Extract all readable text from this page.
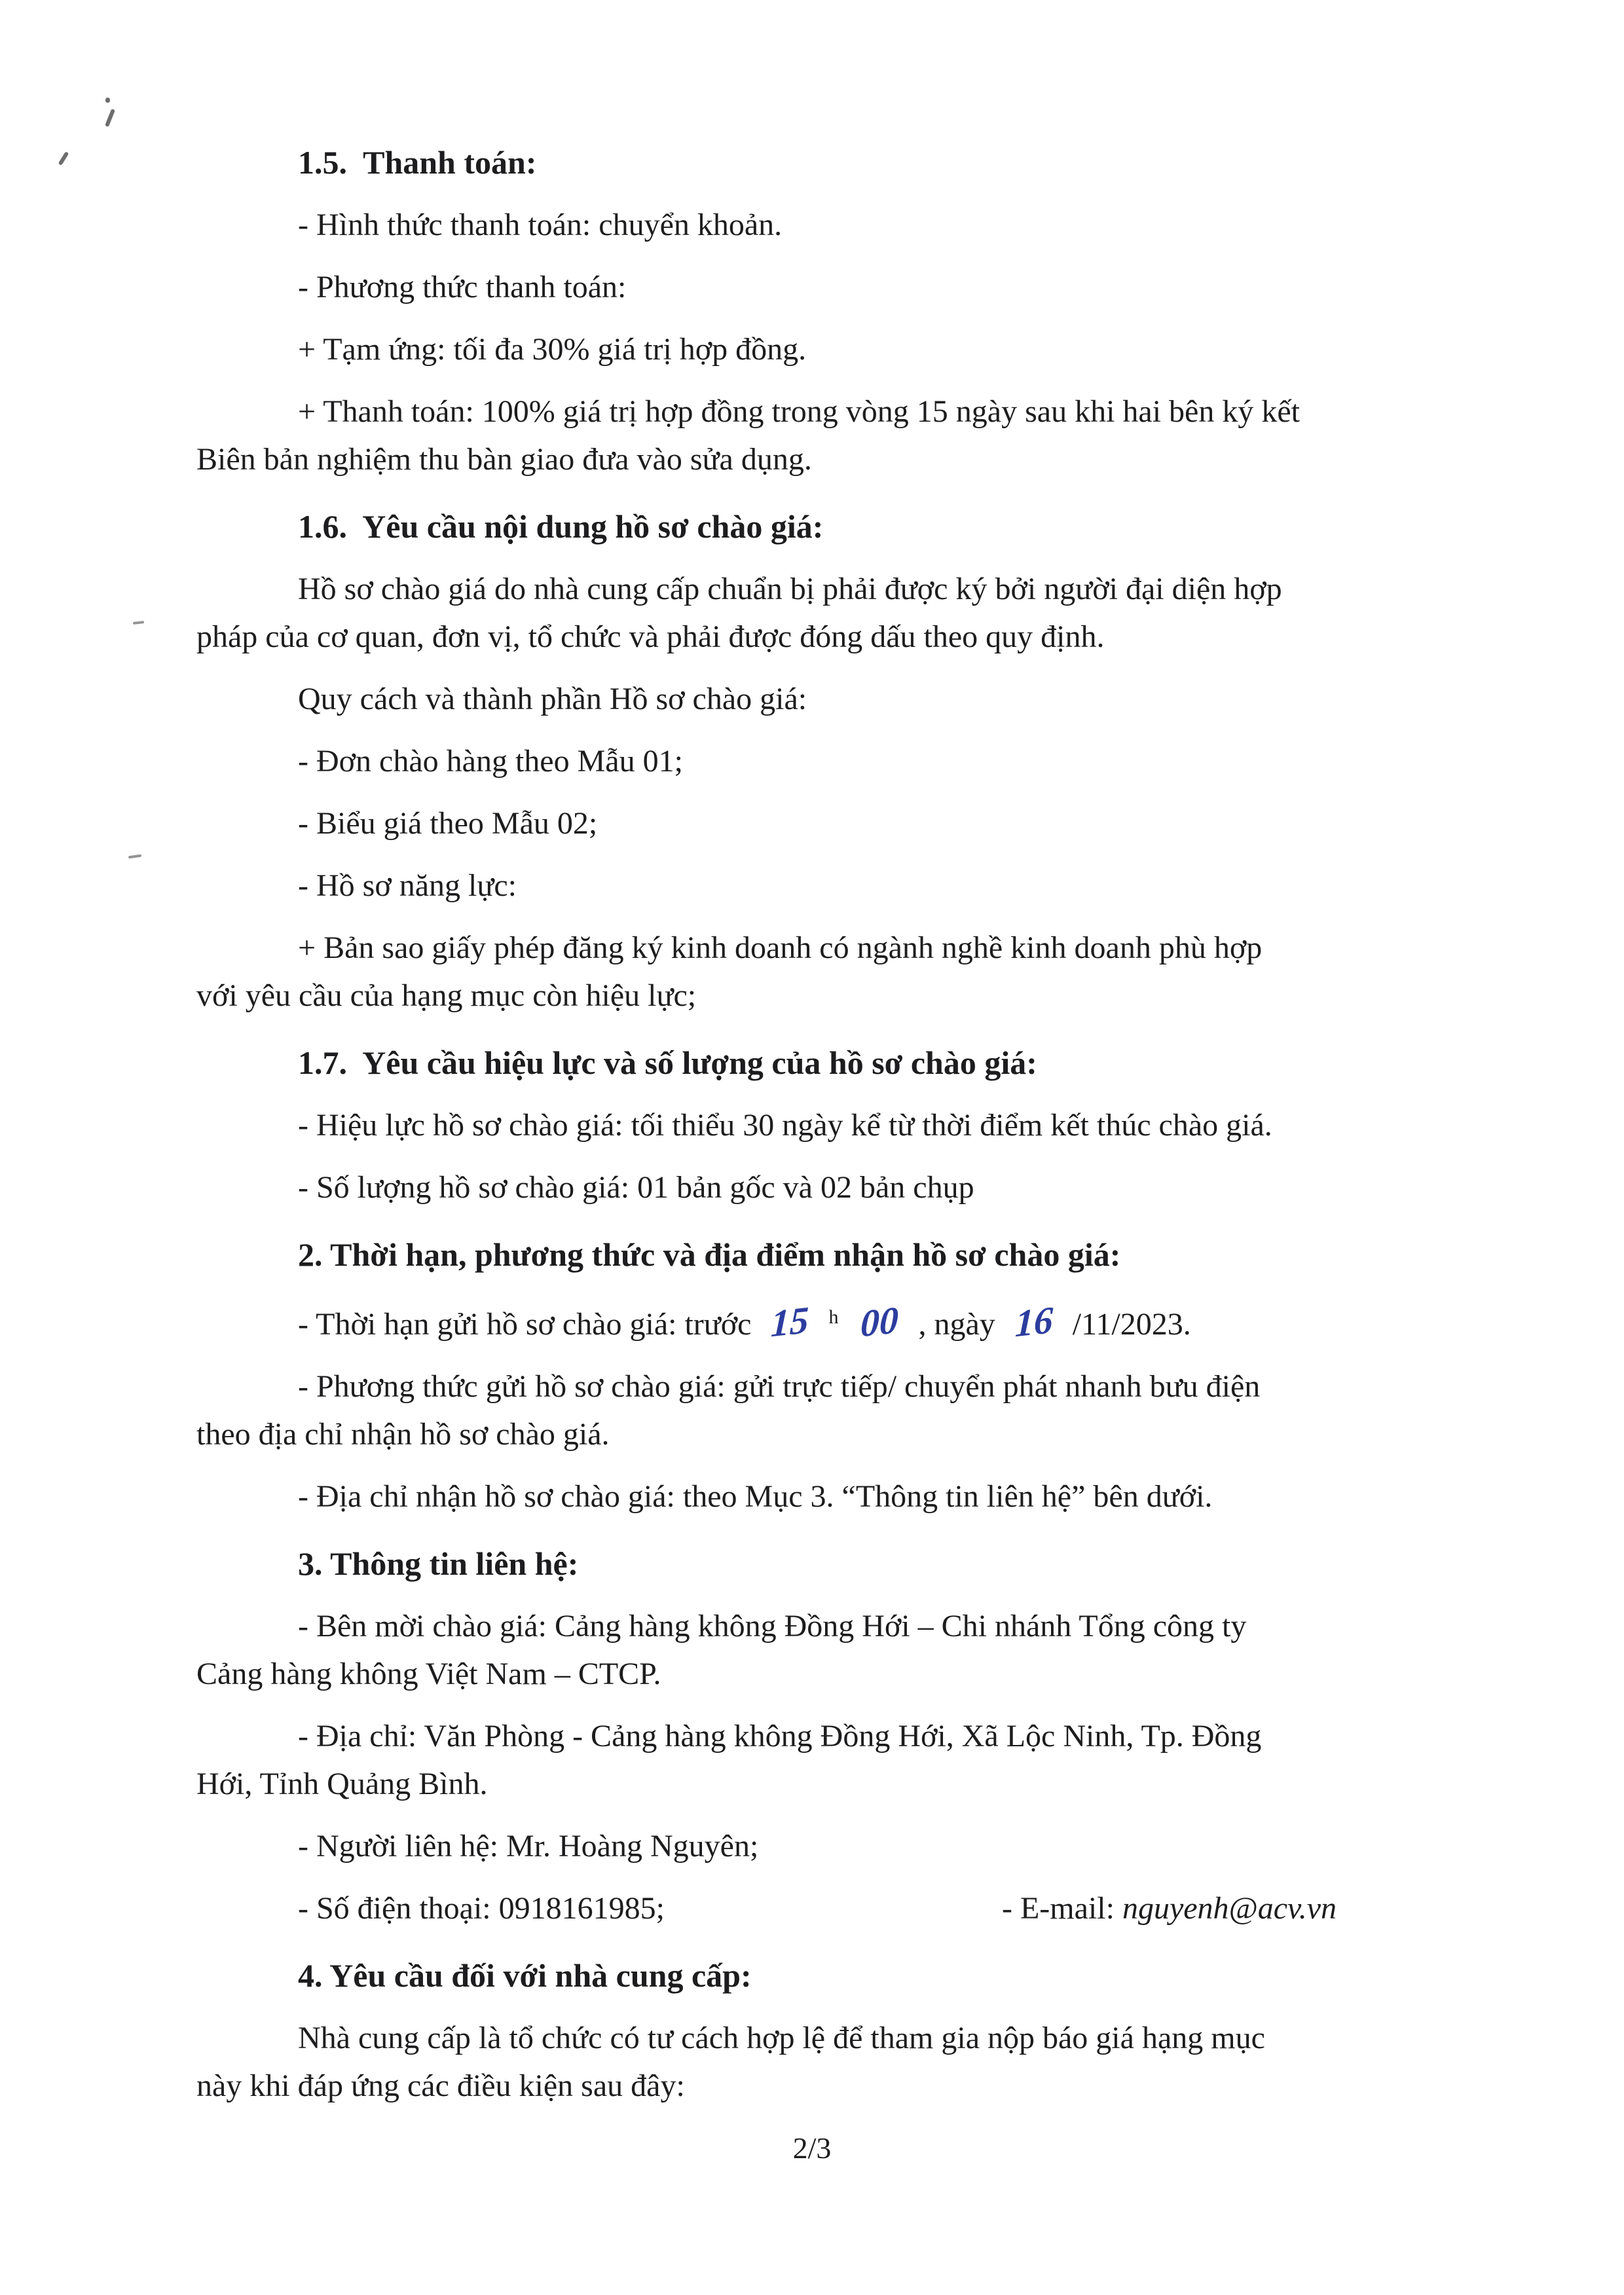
1.5.  Thanh toán:
- Hình thức thanh toán: chuyển khoản.
- Phương thức thanh toán:
+ Tạm ứng: tối đa 30% giá trị hợp đồng.
+ Thanh toán: 100% giá trị hợp đồng trong vòng 15 ngày sau khi hai bên ký kết
Biên bản nghiệm thu bàn giao đưa vào sửa dụng.
1.6.  Yêu cầu nội dung hồ sơ chào giá:
Hồ sơ chào giá do nhà cung cấp chuẩn bị phải được ký bởi người đại diện hợp
pháp của cơ quan, đơn vị, tổ chức và phải được đóng dấu theo quy định.
Quy cách và thành phần Hồ sơ chào giá:
- Đơn chào hàng theo Mẫu 01;
- Biểu giá theo Mẫu 02;
- Hồ sơ năng lực:
+ Bản sao giấy phép đăng ký kinh doanh có ngành nghề kinh doanh phù hợp
với yêu cầu của hạng mục còn hiệu lực;
1.7.  Yêu cầu hiệu lực và số lượng của hồ sơ chào giá:
- Hiệu lực hồ sơ chào giá: tối thiểu 30 ngày kể từ thời điểm kết thúc chào giá.
- Số lượng hồ sơ chào giá: 01 bản gốc và 02 bản chụp
2. Thời hạn, phương thức và địa điểm nhận hồ sơ chào giá:
- Thời hạn gửi hồ sơ chào giá: trước 15 $^h$ 00 , ngày 16 /11/2023.
- Phương thức gửi hồ sơ chào giá: gửi trực tiếp/ chuyển phát nhanh bưu điện
theo địa chỉ nhận hồ sơ chào giá.
- Địa chỉ nhận hồ sơ chào giá: theo Mục 3. “Thông tin liên hệ” bên dưới.
3. Thông tin liên hệ:
- Bên mời chào giá: Cảng hàng không Đồng Hới – Chi nhánh Tổng công ty
Cảng hàng không Việt Nam – CTCP.
- Địa chỉ: Văn Phòng - Cảng hàng không Đồng Hới, Xã Lộc Ninh, Tp. Đồng
Hới, Tỉnh Quảng Bình.
- Người liên hệ: Mr. Hoàng Nguyên;
- Số điện thoại: 0918161985;	- E-mail: nguyenh@acv.vn
4. Yêu cầu đối với nhà cung cấp:
Nhà cung cấp là tổ chức có tư cách hợp lệ để tham gia nộp báo giá hạng mục
này khi đáp ứng các điều kiện sau đây:
2/3
